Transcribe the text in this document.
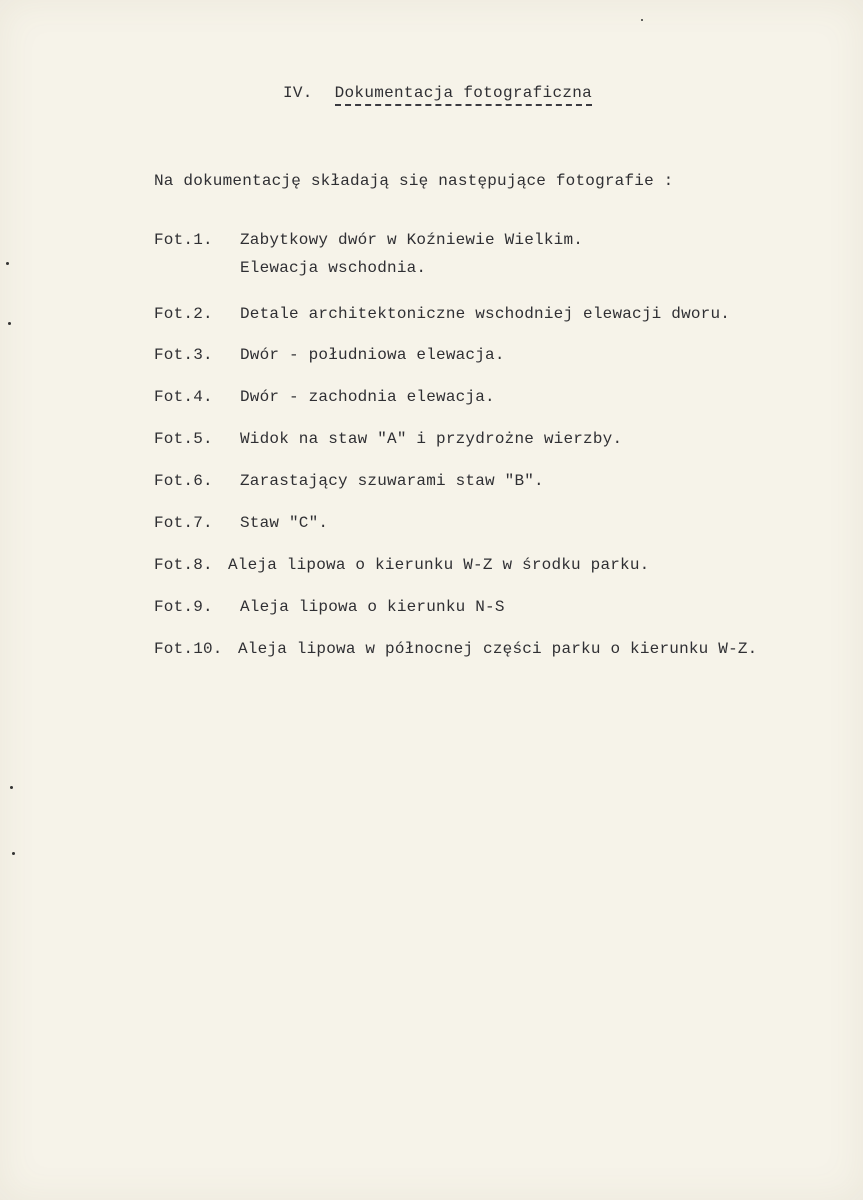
IV. Dokumentacja fotograficzna
Na dokumentację składają się następujące fotografie :
Fot.1. Zabytkowy dwór w Koźniewie Wielkim.
Elewacja wschodnia.
Fot.2. Detale architektoniczne wschodniej elewacji dworu.
Fot.3. Dwór - południowa elewacja.
Fot.4. Dwór - zachodnia elewacja.
Fot.5. Widok na staw "A" i przydrożne wierzby.
Fot.6. Zarastający szuwarami staw "B".
Fot.7. Staw "C".
Fot.8. Aleja lipowa o kierunku W-Z w środku parku.
Fot.9. Aleja lipowa o kierunku N-S
Fot.10. Aleja lipowa w północnej części parku o kierunku W-Z.
